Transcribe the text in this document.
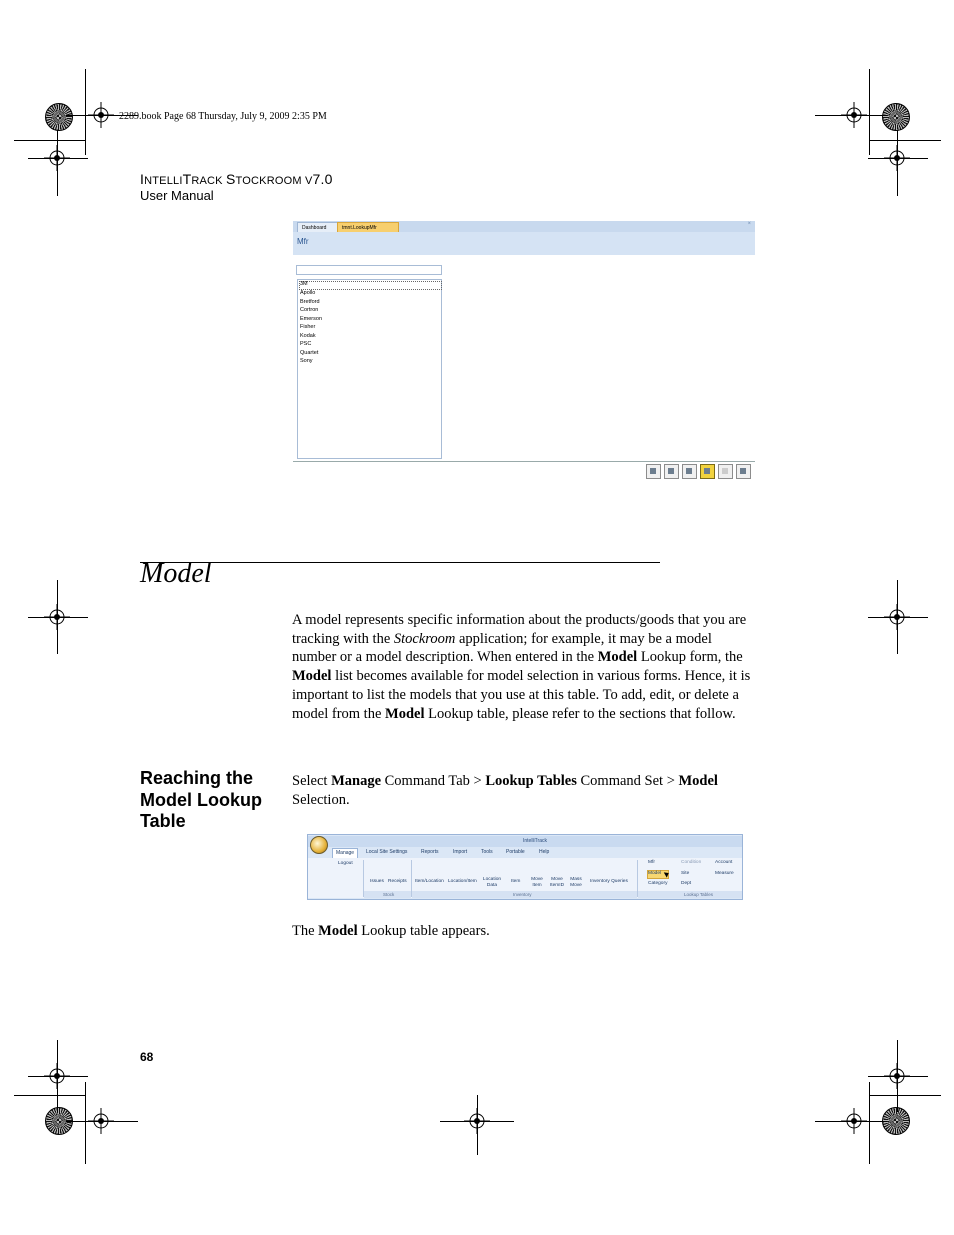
2289.book Page 68 Thursday, July 9, 2009 2:35 PM
INTELLITRACK STOCKROOM V7.0
User Manual
Dashboard	tmnt.LookupMfr
×
Mfr
3M
Apollo
Bretford
Cortron
Emerson
Fisher
Kodak
PSC
Quartet
Sony
Model
A model represents specific information about the products/goods that you are tracking with the Stockroom application; for example, it may be a model number or a model description. When entered in the Model Lookup form, the Model list becomes available for model selection in various forms. Hence, it is important to list the models that you use at this table. To add, edit, or delete a model from the Model Lookup table, please refer to the sections that follow.
Reaching the Model Lookup Table
Select Manage Command Tab > Lookup Tables Command Set > Model Selection.
IntelliTrack
Manage	Local Site Settings	Reports	Import	Tools	Portable	Help
Logout
Issues Receipts Item/Location Location/Item Location Data
Item Move Item
Move ItemID
Mass Move
Inventory Queries
Mfr	Condition	Account
Model	Site	Measure
Category	Dept
Stock	Inventory	Lookup Tables
The Model Lookup table appears.
68
